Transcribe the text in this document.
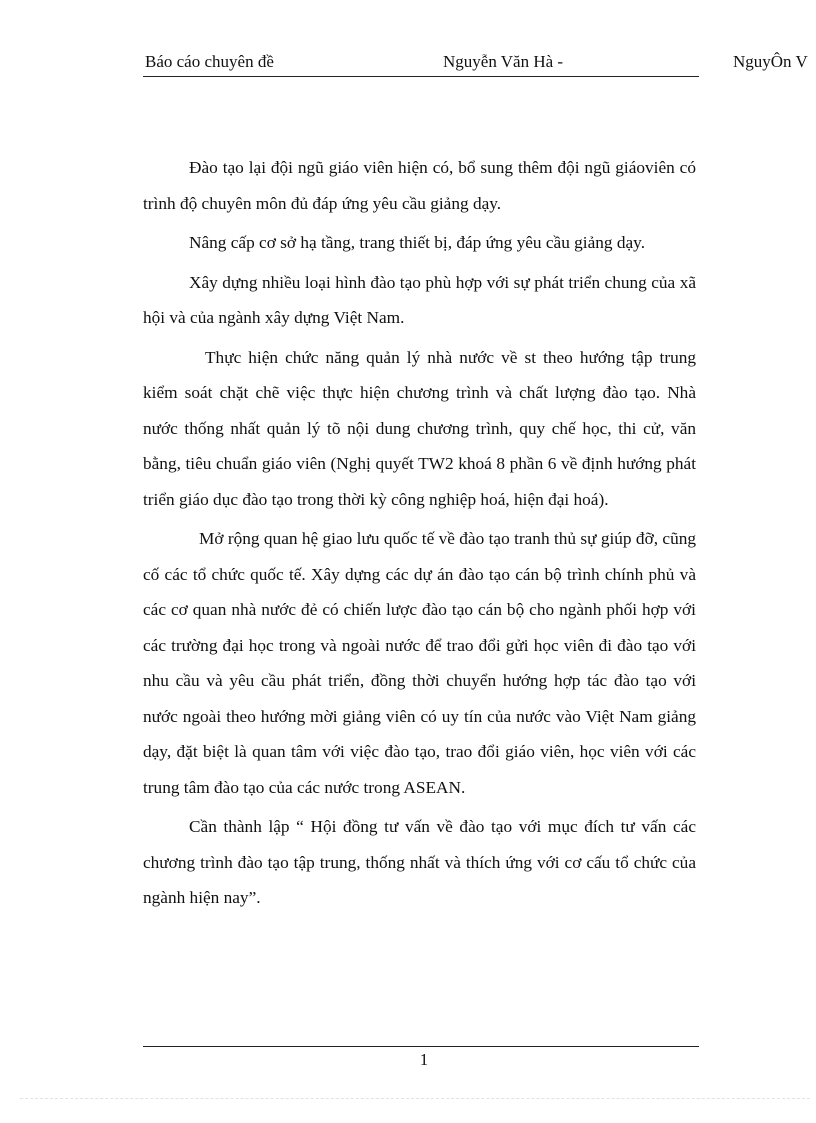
Báo cáo chuyên đề	Nguyễn Văn Hà -	NguyÔn V

Đào tạo lại đội ngũ giáo viên hiện có, bổ sung thêm đội ngũ giáoviên có trình độ chuyên môn đủ đáp ứng yêu cầu giảng dạy.

Nâng cấp cơ sở hạ tầng, trang thiết bị, đáp ứng yêu cầu giảng dạy.

Xây dựng nhiều loại hình đào tạo phù hợp với sự phát triển chung của xã hội và của ngành xây dựng Việt Nam.

Thực hiện chức năng quản lý nhà nước về st theo hướng tập trung kiểm soát chặt chẽ việc thực hiện chương trình và chất lượng đào tạo. Nhà nước thống nhất quản lý tõ nội dung chương trình, quy chế học, thi cử, văn bằng, tiêu chuẩn giáo viên (Nghị quyết TW2 khoá 8 phần 6 về định hướng phát triển giáo dục đào tạo trong thời kỳ công nghiệp hoá, hiện đại hoá).

Mở rộng quan hệ giao lưu quốc tế về đào tạo tranh thủ sự giúp đỡ, cũng cố các tổ chức quốc tế. Xây dựng các dự án đào tạo cán bộ trình chính phủ và các cơ quan nhà nước đẻ có chiến lược đào tạo cán bộ cho ngành phối hợp với các trường đại học trong và ngoài nước để trao đổi gửi học viên đi đào tạo với nhu cầu và yêu cầu phát triển, đồng thời chuyển hướng hợp tác đào tạo với nước ngoài theo hướng mời giảng viên có uy tín của nước vào Việt Nam giảng dạy, đặt biệt là quan tâm với việc đào tạo, trao đổi giáo viên, học viên với các trung tâm đào tạo của các nước trong ASEAN.

Cần thành lập “ Hội đồng tư vấn về đào tạo với mục đích tư vấn các chương trình đào tạo tập trung, thống nhất và thích ứng với cơ cấu tổ chức của ngành hiện nay”.

1
